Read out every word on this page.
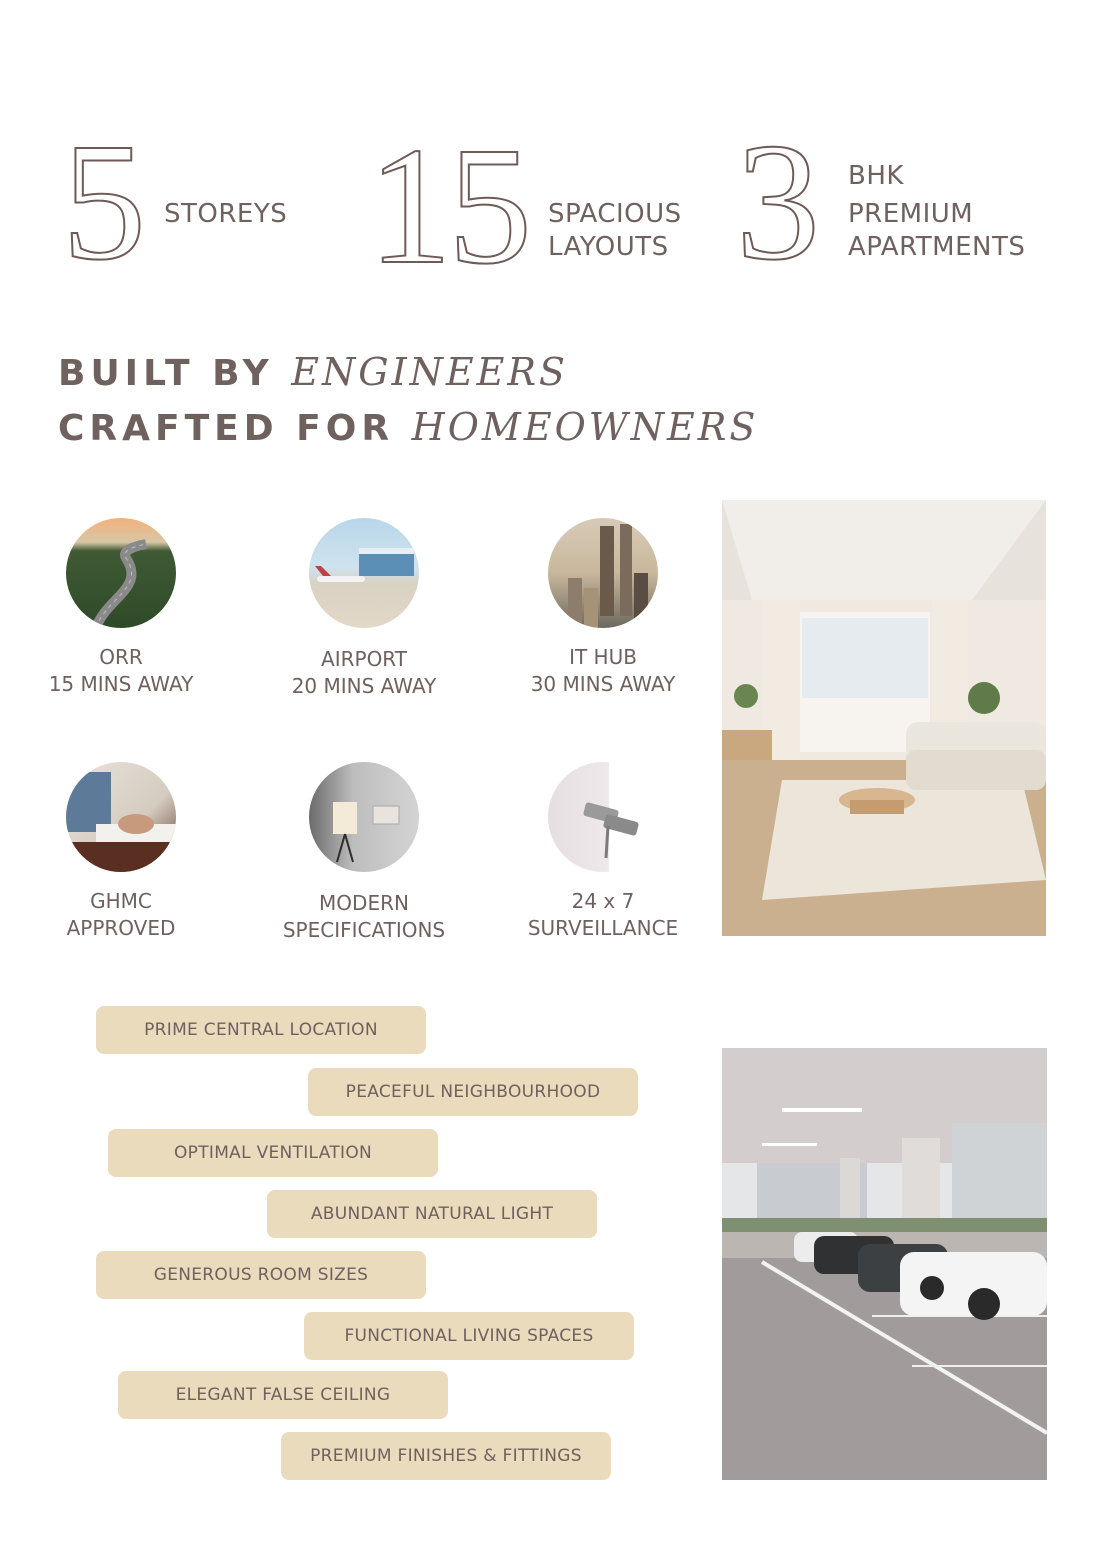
5 STOREYS 15 SPACIOUS
LAYOUTS 3 BHK
PREMIUM
APARTMENTS
BUILT BY ENGINEERS
CRAFTED FOR HOMEOWNERS
ORR
15 MINS AWAY
AIRPORT
20 MINS AWAY
IT HUB
30 MINS AWAY
GHMC
APPROVED
MODERN
SPECIFICATIONS
24 x 7
SURVEILLANCE
PRIME CENTRAL LOCATION
PEACEFUL NEIGHBOURHOOD
OPTIMAL VENTILATION
ABUNDANT NATURAL LIGHT
GENEROUS ROOM SIZES
FUNCTIONAL LIVING SPACES
ELEGANT FALSE CEILING
PREMIUM FINISHES & FITTINGS
